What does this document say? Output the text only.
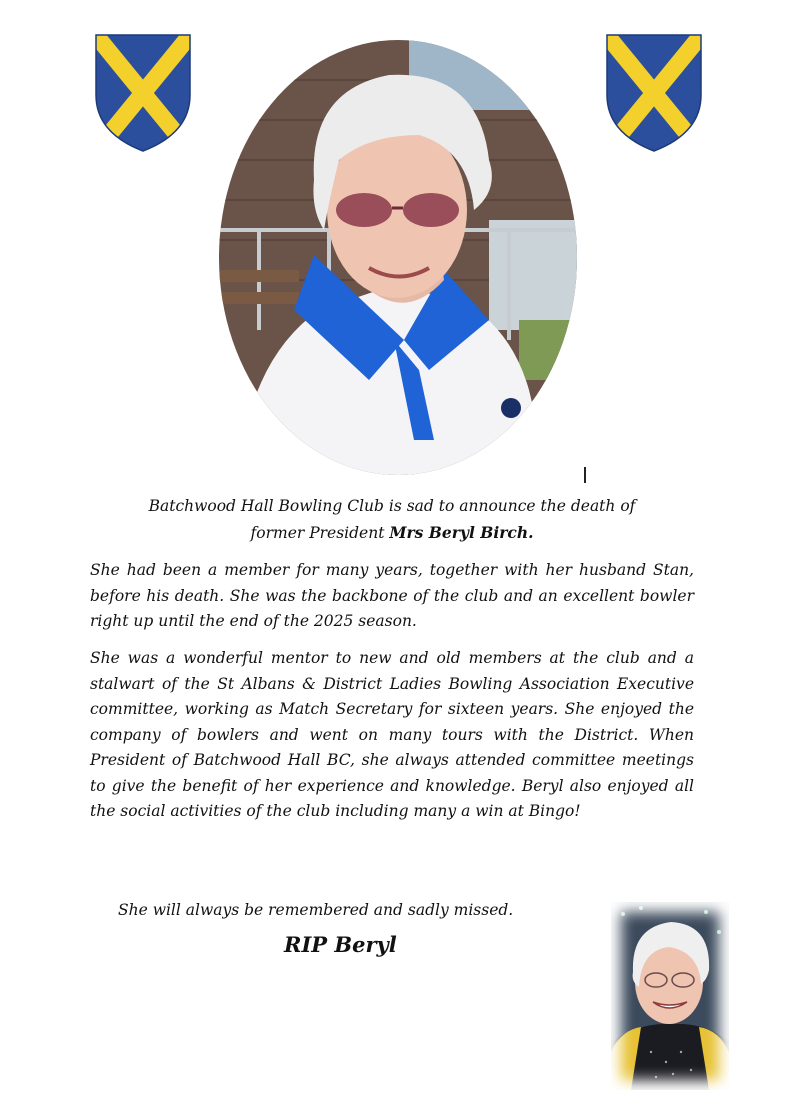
Batchwood Hall Bowling Club is sad to announce the death of
former President Mrs Beryl Birch.
She had been a member for many years, together with her husband Stan, before his death. She was the backbone of the club and an excellent bowler right up until the end of the 2025 season.
She was a wonderful mentor to new and old members at the club and a stalwart of the St Albans & District Ladies Bowling Association Executive committee, working as Match Secretary for sixteen years. She enjoyed the company of bowlers and went on many tours with the District. When President of Batchwood Hall BC, she always attended committee meetings to give the benefit of her experience and knowledge. Beryl also enjoyed all the social activities of the club including many a win at Bingo!
She will always be remembered and sadly missed.
RIP Beryl
